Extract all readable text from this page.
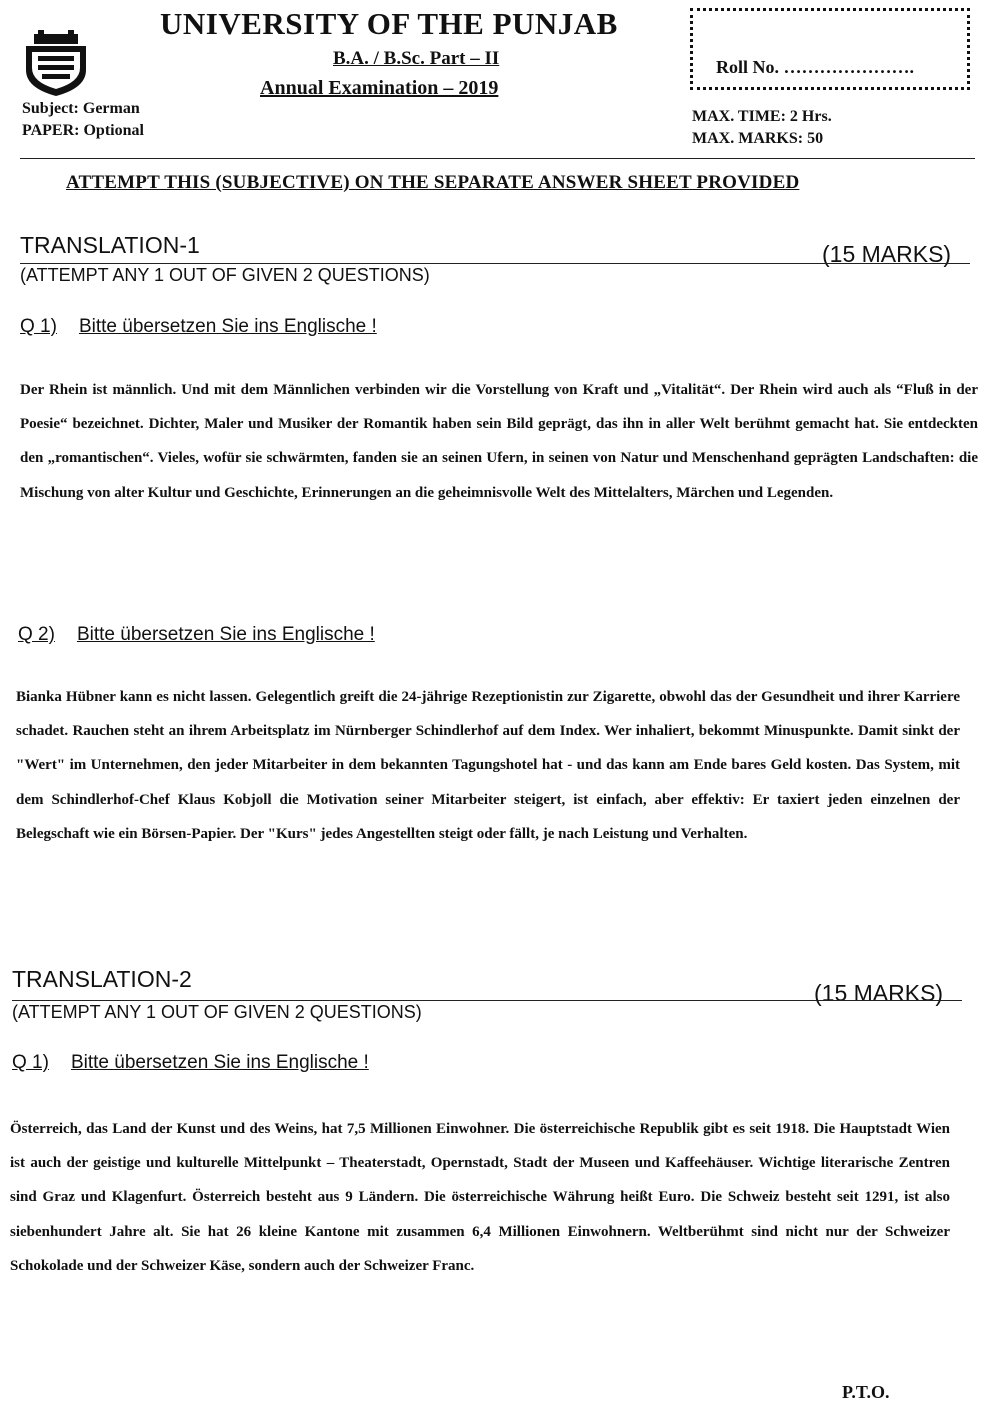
UNIVERSITY OF THE PUNJAB
B.A. / B.Sc. Part – II
Annual Examination – 2019
Subject: German
PAPER: Optional
Roll No. ………………….
MAX. TIME: 2 Hrs.
MAX. MARKS: 50
ATTEMPT THIS (SUBJECTIVE) ON THE SEPARATE ANSWER SHEET PROVIDED
TRANSLATION-1	(15 MARKS)
(ATTEMPT ANY 1 OUT OF GIVEN 2 QUESTIONS)
Q 1) Bitte übersetzen Sie ins Englische !
Der Rhein ist männlich. Und mit dem Männlichen verbinden wir die Vorstellung von Kraft und „Vitalität“. Der Rhein wird auch als “Fluß in der Poesie“ bezeichnet. Dichter, Maler und Musiker der Romantik haben sein Bild geprägt, das ihn in aller Welt berühmt gemacht hat. Sie entdeckten den „romantischen“. Vieles, wofür sie schwärmten, fanden sie an seinen Ufern, in seinen von Natur und Menschenhand geprägten Landschaften: die Mischung von alter Kultur und Geschichte, Erinnerungen an die geheimnisvolle Welt des Mittelalters, Märchen und Legenden.
Q 2) Bitte übersetzen Sie ins Englische !
Bianka Hübner kann es nicht lassen. Gelegentlich greift die 24-jährige Rezeptionistin zur Zigarette, obwohl das der Gesundheit und ihrer Karriere schadet. Rauchen steht an ihrem Arbeitsplatz im Nürnberger Schindlerhof auf dem Index. Wer inhaliert, bekommt Minuspunkte. Damit sinkt der "Wert" im Unternehmen, den jeder Mitarbeiter in dem bekannten Tagungshotel hat - und das kann am Ende bares Geld kosten. Das System, mit dem Schindlerhof-Chef Klaus Kobjoll die Motivation seiner Mitarbeiter steigert, ist einfach, aber effektiv: Er taxiert jeden einzelnen der Belegschaft wie ein Börsen-Papier. Der "Kurs" jedes Angestellten steigt oder fällt, je nach Leistung und Verhalten.
TRANSLATION-2
(15 MARKS)
(ATTEMPT ANY 1 OUT OF GIVEN 2 QUESTIONS)
Q 1) Bitte übersetzen Sie ins Englische !
Österreich, das Land der Kunst und des Weins, hat 7,5 Millionen Einwohner. Die österreichische Republik gibt es seit 1918. Die Hauptstadt Wien ist auch der geistige und kulturelle Mittelpunkt – Theaterstadt, Opernstadt, Stadt der Museen und Kaffeehäuser. Wichtige literarische Zentren sind Graz und Klagenfurt. Österreich besteht aus 9 Ländern. Die österreichische Währung heißt Euro. Die Schweiz besteht seit 1291, ist also siebenhundert Jahre alt. Sie hat 26 kleine Kantone mit zusammen 6,4 Millionen Einwohnern. Weltberühmt sind nicht nur der Schweizer Schokolade und der Schweizer Käse, sondern auch der Schweizer Franc.
P.T.O.
